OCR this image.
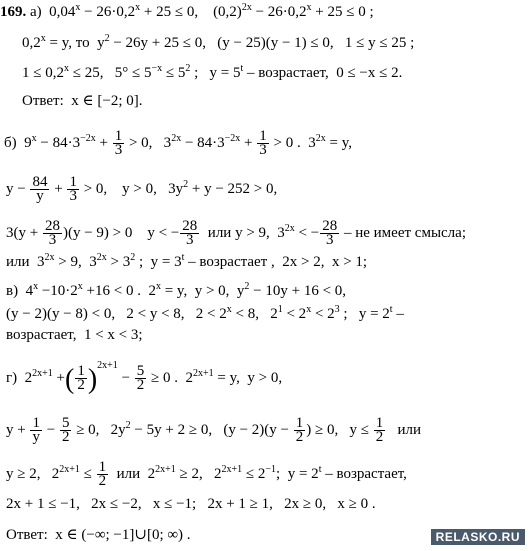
169. а)  $0,04^x - 26\cdot 0,2^x + 25 \le 0$,    $(0,2)^{2x} - 26\cdot 0,2^x + 25 \le 0$ ;
$0,2^x = y$, то  $y^2 - 26y + 25 \le 0$,   (y − 25)(y − 1) ≤ 0,   1 ≤ y ≤ 25 ;
$1 \le 0,2^x \le 25$,   $5^\circ \le 5^{-x} \le 5^2$ ;   $y = 5^t$ – возрастает,  0 ≤ −x ≤ 2.
Ответ:  x ∈ [−2; 0].
б)  $9^x - 84\cdot 3^{-2x} + \frac{1}{3} > 0$,   $3^{2x} - 84\cdot 3^{-2x} + \frac{1}{3} > 0$ .  $3^{2x} = y$,
$y - \frac{84}{y} + \frac{1}{3} > 0$,    y > 0,   $3y^2 + y - 252 > 0$,
$3(y + \frac{28}{3} )(y - 9) > 0$    y < − $\frac{28}{3}$ или y > 9,  $3^{2x}$ < − $\frac{28}{3}$ – не имеет смысла;
или  $3^{2x} > 9$,  $3^{2x} > 3^2$ ;  $y = 3^t$ – возрастает ,  2x > 2,  x > 1;
в)  $4^x -10\cdot 2^x +16 < 0$ .  $2^x = y$,  y > 0,  $y^2 - 10y + 16 < 0$,
(y − 2)(y − 8) < 0,   2 < y < 8,   $2 < 2^x < 8$,   $2^1 < 2^x < 2^3$ ;   $y = 2^t$ –
возрастает,  1 < x < 3;
г)  $2^{2x+1}$ +( $\frac{1}{2} )^{2x+1} - \frac{5}{2} \ge 0$ .  $2^{2x+1} = y$,  y > 0,
$y + \frac{1}{y} - \frac{5}{2} \ge 0$,   $2y^2 - 5y + 2 \ge 0$,   $(y - 2)(y - \frac{1}{2}$ ) ≥ 0,   $y \le \frac{1}{2}$ или
y ≥ 2,   $2^{2x+1} \le \frac{1}{2}$ или  $2^{2x+1} \ge 2$,   $2^{2x+1} \le 2^{-1}$;  $y = 2^t$ – возрастает,
2x + 1 ≤ −1,   2x ≤ −2,   x ≤ −1;   2x + 1 ≥ 1,   2x ≥ 0,   x ≥ 0 .
Ответ:  x ∈ (−∞; −1]∪[0; ∞) .	RELASKO.RU
